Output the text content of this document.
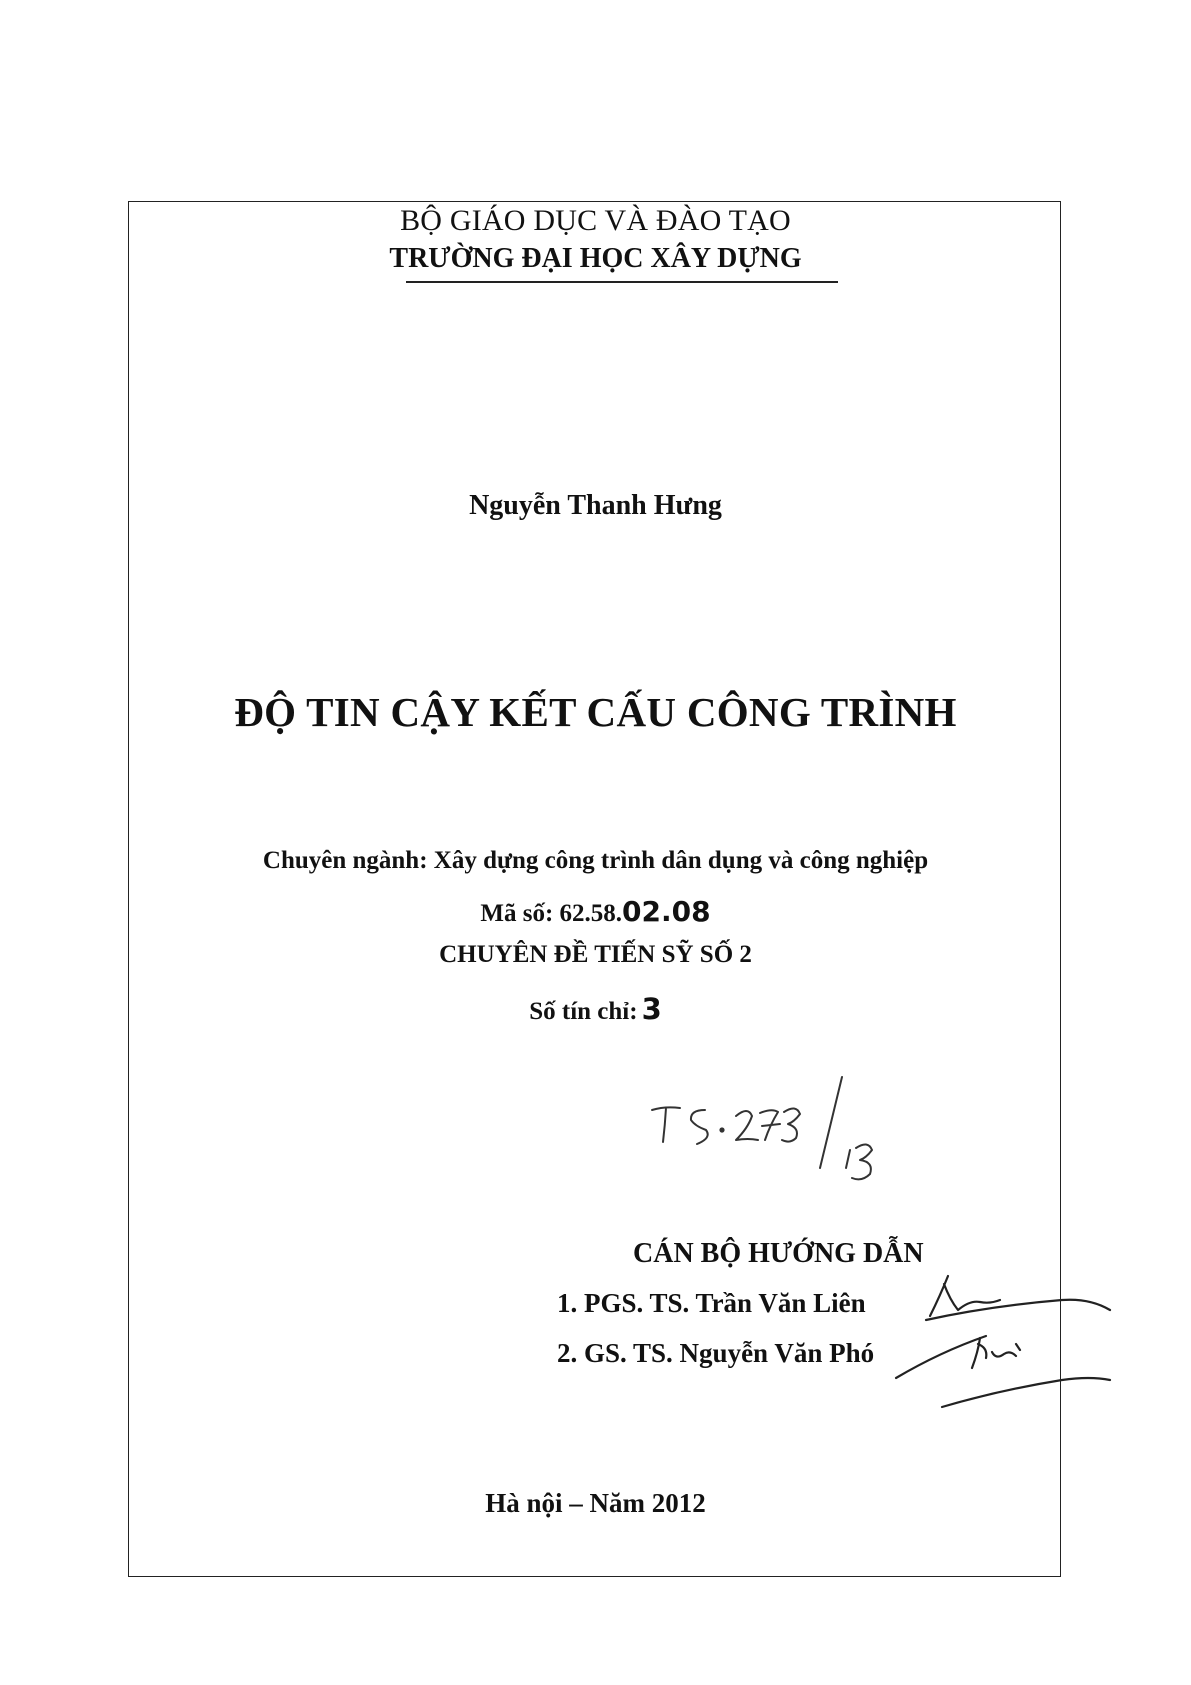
BỘ GIÁO DỤC VÀ ĐÀO TẠO
TRƯỜNG ĐẠI HỌC XÂY DỰNG
Nguyễn Thanh Hưng
ĐỘ TIN CẬY KẾT CẤU CÔNG TRÌNH
Chuyên ngành: Xây dựng công trình dân dụng và công nghiệp
Mã số: 62.58.02.08
CHUYÊN ĐỀ TIẾN SỸ SỐ 2
Số tín chỉ: 3
CÁN BỘ HƯỚNG DẪN
1. PGS. TS. Trần Văn Liên
2. GS. TS. Nguyễn Văn Phó
Hà nội – Năm 2012
